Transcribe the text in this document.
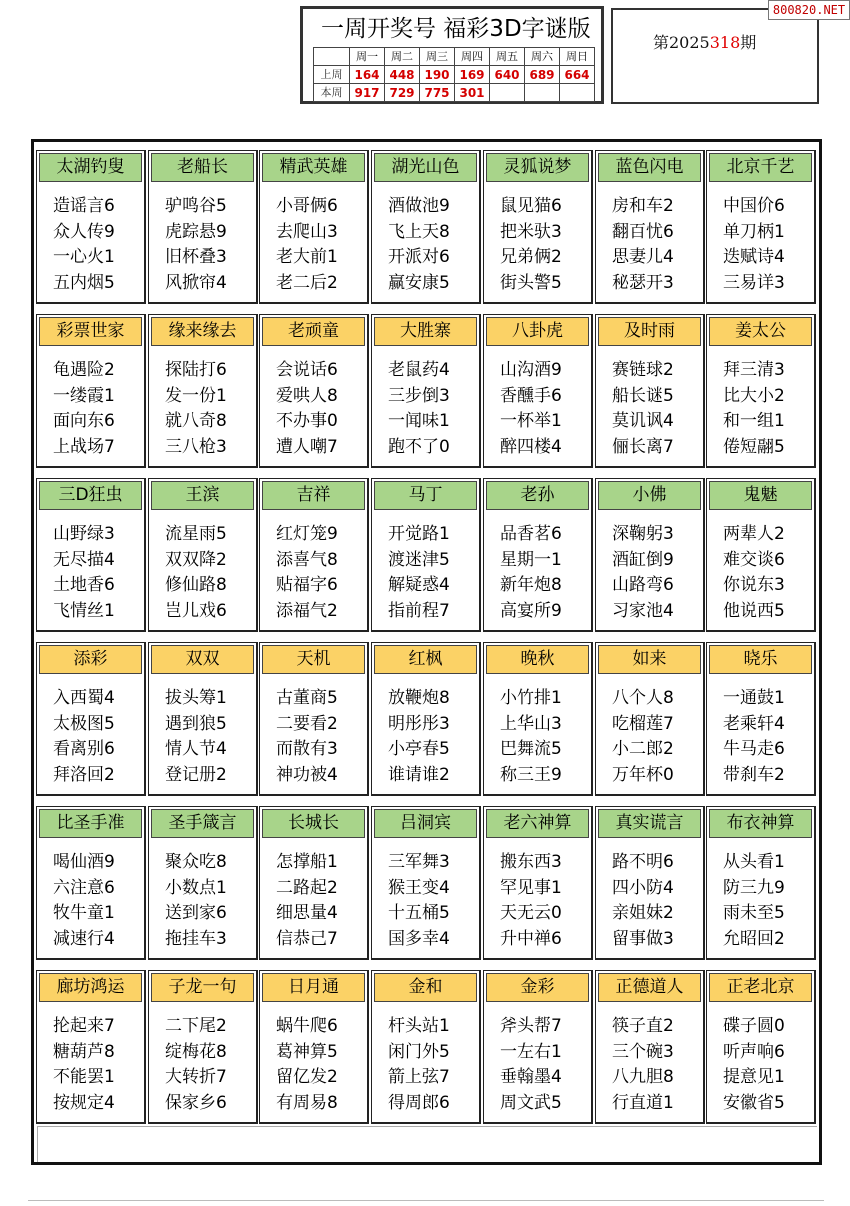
一周开奖号 福彩3D字谜版
	周一	周二	周三	周四	周五	周六	周日
上周	164	448	190	169	640	689	664
本周	917	729	775	301			
第2025318期
800820.NET
太湖钓叟
造谣言6
众人传9
一心火1
五内烟5
老船长
驴鸣谷5
虎踪悬9
旧杯叠3
风掀帘4
精武英雄
小哥俩6
去爬山3
老大前1
老二后2
湖光山色
酒做池9
飞上天8
开派对6
赢安康5
灵狐说梦
鼠见猫6
把米驮3
兄弟俩2
街头警5
蓝色闪电
房和车2
翻百忧6
思妻儿4
秘瑟开3
北京千艺
中国价6
单刀柄1
迭赋诗4
三易详3
彩票世家
龟遇险2
一缕霞1
面向东6
上战场7
缘来缘去
探陆打6
发一份1
就八奇8
三八枪3
老顽童
会说话6
爱哄人8
不办事0
遭人嘲7
大胜寨
老鼠药4
三步倒3
一闻味1
跑不了0
八卦虎
山沟酒9
香醺手6
一杯举1
醉四楼4
及时雨
赛链球2
船长谜5
莫讥讽4
俪长离7
姜太公
拜三清3
比大小2
和一组1
倦短翮5
三D狂虫
山野绿3
无尽描4
土地香6
飞情丝1
王滨
流星雨5
双双降2
修仙路8
岂儿戏6
吉祥
红灯笼9
添喜气8
贴福字6
添福气2
马丁
开觉路1
渡迷津5
解疑惑4
指前程7
老孙
品香茗6
星期一1
新年炮8
高宴所9
小佛
深鞠躬3
酒缸倒9
山路弯6
习家池4
鬼魅
两辈人2
难交谈6
你说东3
他说西5
添彩
入西蜀4
太极图5
看离别6
拜洛回2
双双
拔头筹1
遇到狼5
情人节4
登记册2
天机
古董商5
二要看2
而散有3
神功被4
红枫
放鞭炮8
明彤彤3
小亭春5
谁请谁2
晚秋
小竹排1
上华山3
巴舞流5
称三王9
如来
八个人8
吃榴莲7
小二郎2
万年杯0
晓乐
一通鼓1
老乘轩4
牛马走6
带刹车2
比圣手准
喝仙酒9
六注意6
牧牛童1
减速行4
圣手箴言
聚众吃8
小数点1
送到家6
拖挂车3
长城长
怎撑船1
二路起2
细思量4
信恭己7
吕洞宾
三军舞3
猴王变4
十五桶5
国多幸4
老六神算
搬东西3
罕见事1
天无云0
升中禅6
真实谎言
路不明6
四小防4
亲姐妹2
留事做3
布衣神算
从头看1
防三九9
雨未至5
允昭回2
廊坊鸿运
抡起来7
糖葫芦8
不能罢1
按规定4
子龙一句
二下尾2
绽梅花8
大转折7
保家乡6
日月通
蜗牛爬6
葛神算5
留亿发2
有周易8
金和
杆头站1
闲门外5
箭上弦7
得周郎6
金彩
斧头帮7
一左右1
垂翰墨4
周文武5
正德道人
筷子直2
三个碗3
八九胆8
行直道1
正老北京
碟子圆0
听声响6
提意见1
安徽省5
